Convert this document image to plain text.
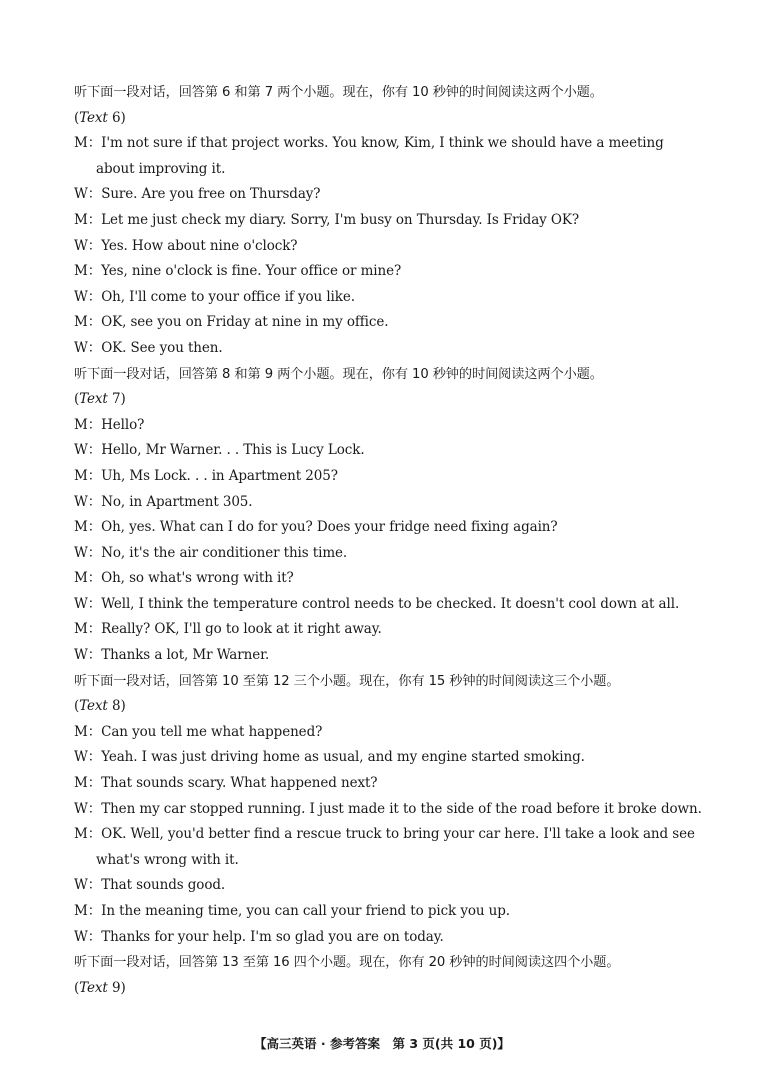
听下面一段对话，回答第 6 和第 7 两个小题。现在，你有 10 秒钟的时间阅读这两个小题。
(Text 6)
M：I'm not sure if that project works. You know, Kim, I think we should have a meeting
about improving it.
W：Sure. Are you free on Thursday?
M：Let me just check my diary. Sorry, I'm busy on Thursday. Is Friday OK?
W：Yes. How about nine o'clock?
M：Yes, nine o'clock is fine. Your office or mine?
W：Oh, I'll come to your office if you like.
M：OK, see you on Friday at nine in my office.
W：OK. See you then.
听下面一段对话，回答第 8 和第 9 两个小题。现在，你有 10 秒钟的时间阅读这两个小题。
(Text 7)
M：Hello?
W：Hello, Mr Warner. . . This is Lucy Lock.
M：Uh, Ms Lock. . . in Apartment 205?
W：No, in Apartment 305.
M：Oh, yes. What can I do for you? Does your fridge need fixing again?
W：No, it's the air conditioner this time.
M：Oh, so what's wrong with it?
W：Well, I think the temperature control needs to be checked. It doesn't cool down at all.
M：Really? OK, I'll go to look at it right away.
W：Thanks a lot, Mr Warner.
听下面一段对话，回答第 10 至第 12 三个小题。现在，你有 15 秒钟的时间阅读这三个小题。
(Text 8)
M：Can you tell me what happened?
W：Yeah. I was just driving home as usual, and my engine started smoking.
M：That sounds scary. What happened next?
W：Then my car stopped running. I just made it to the side of the road before it broke down.
M：OK. Well, you'd better find a rescue truck to bring your car here. I'll take a look and see
what's wrong with it.
W：That sounds good.
M：In the meaning time, you can call your friend to pick you up.
W：Thanks for your help. I'm so glad you are on today.
听下面一段对话，回答第 13 至第 16 四个小题。现在，你有 20 秒钟的时间阅读这四个小题。
(Text 9)
【高三英语 · 参考答案　第 3 页(共 10 页)】
